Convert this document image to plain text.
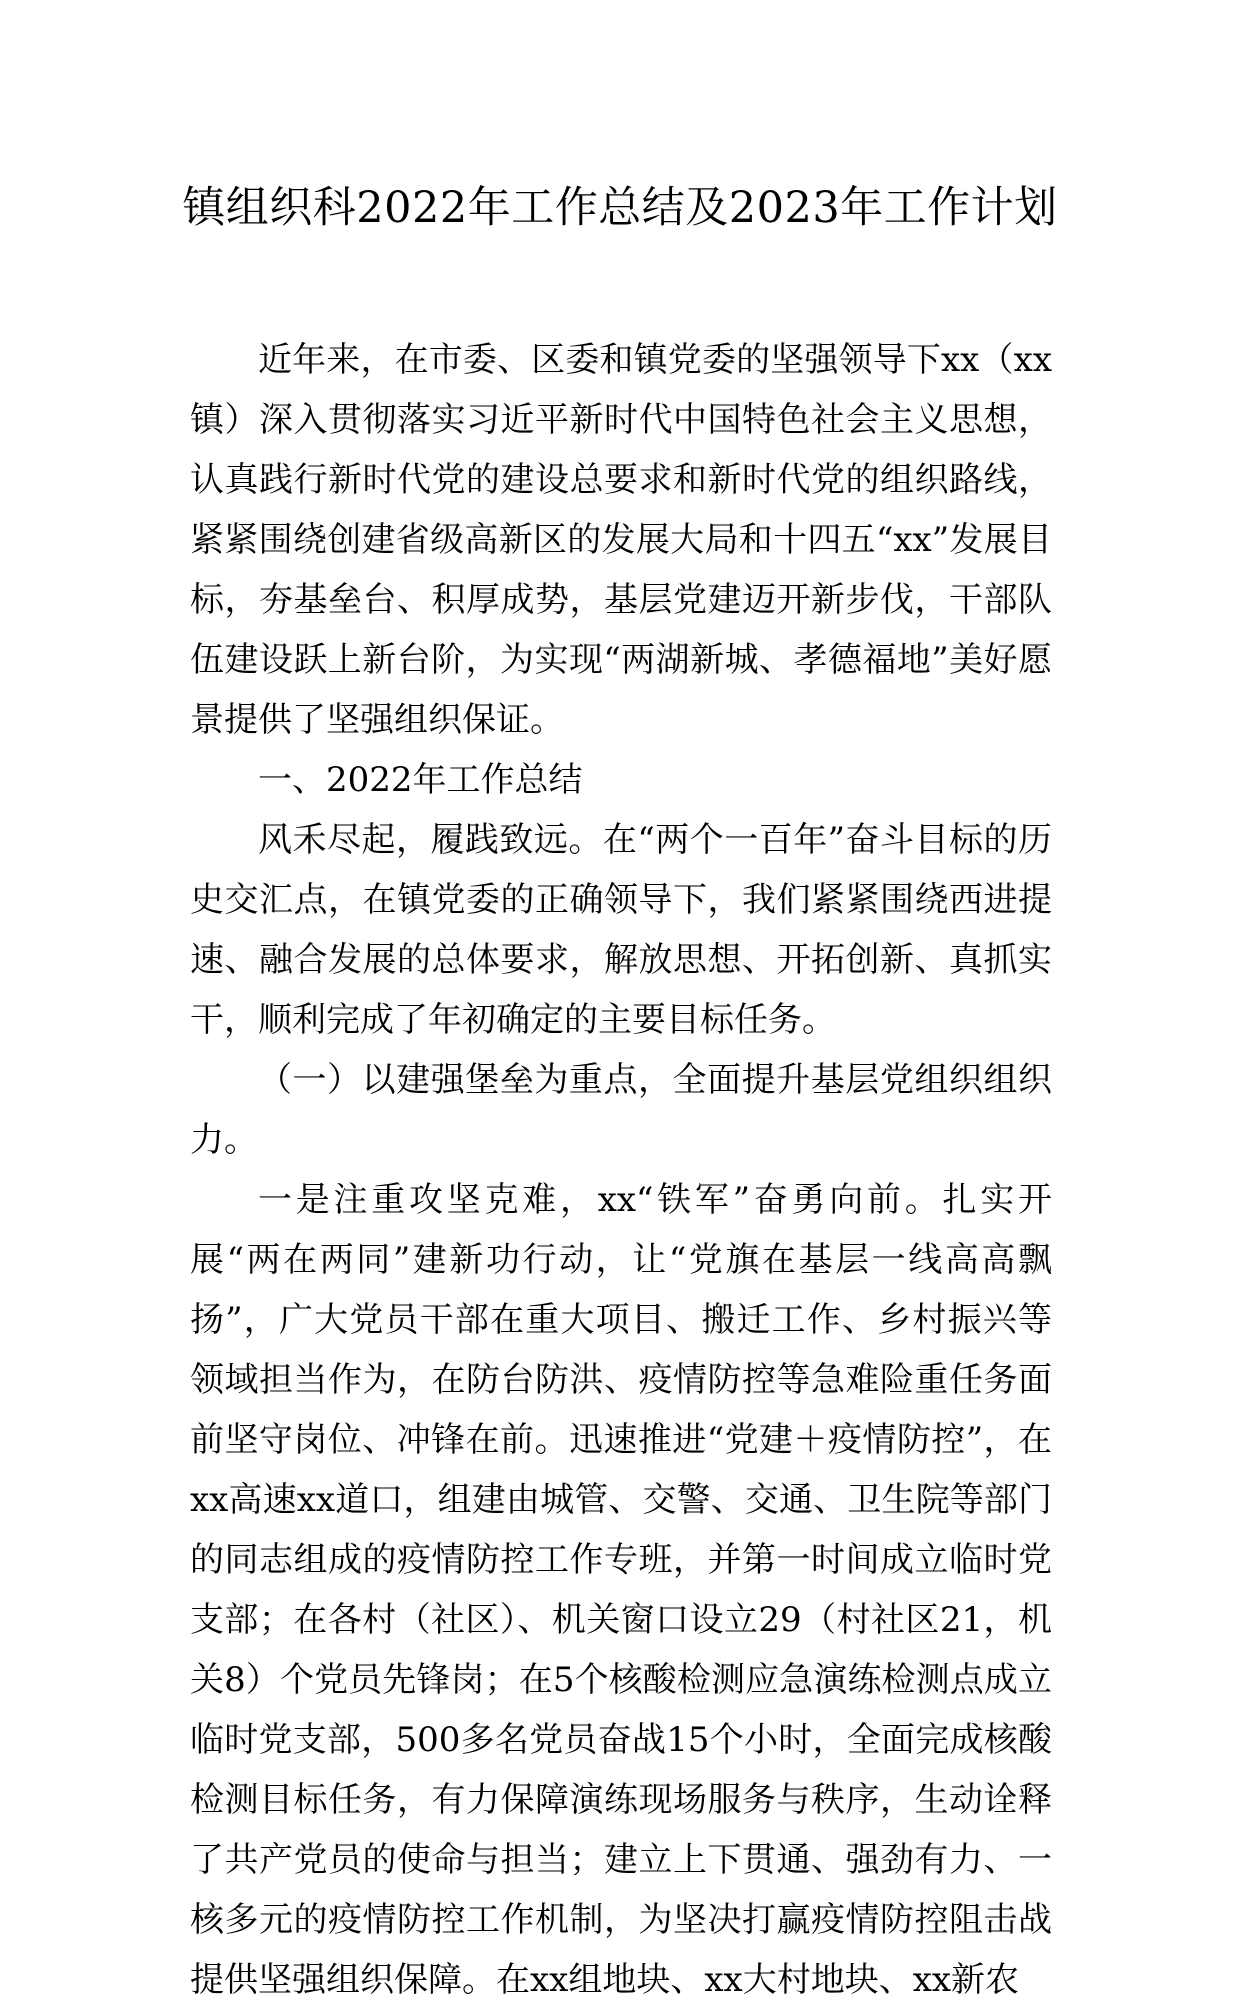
镇组织科2022年工作总结及2023年工作计划

近年来，在市委、区委和镇党委的坚强领导下xx（xx镇）深入贯彻落实习近平新时代中国特色社会主义思想，认真践行新时代党的建设总要求和新时代党的组织路线，紧紧围绕创建省级高新区的发展大局和十四五“xx”发展目标，夯基垒台、积厚成势，基层党建迈开新步伐，干部队伍建设跃上新台阶，为实现“两湖新城、孝德福地”美好愿景提供了坚强组织保证。

一、2022年工作总结

风禾尽起，履践致远。在“两个一百年”奋斗目标的历史交汇点，在镇党委的正确领导下，我们紧紧围绕西进提速、融合发展的总体要求，解放思想、开拓创新、真抓实干，顺利完成了年初确定的主要目标任务。

（一）以建强堡垒为重点，全面提升基层党组织组织力。

一是注重攻坚克难，xx“铁军”奋勇向前。扎实开展“两在两同”建新功行动，让“党旗在基层一线高高飘扬”，广大党员干部在重大项目、搬迁工作、乡村振兴等领域担当作为，在防台防洪、疫情防控等急难险重任务面前坚守岗位、冲锋在前。迅速推进“党建＋疫情防控”，在xx高速xx道口，组建由城管、交警、交通、卫生院等部门的同志组成的疫情防控工作专班，并第一时间成立临时党支部；在各村（社区）、机关窗口设立29（村社区21，机关8）个党员先锋岗；在5个核酸检测应急演练检测点成立临时党支部，500多名党员奋战15个小时，全面完成核酸检测目标任务，有力保障演练现场服务与秩序，生动诠释了共产党员的使命与担当；建立上下贯通、强劲有力、一核多元的疫情防控工作机制，为坚决打赢疫情防控阻击战提供坚强组织保障。在xx组地块、xx大村地块、xx新农
